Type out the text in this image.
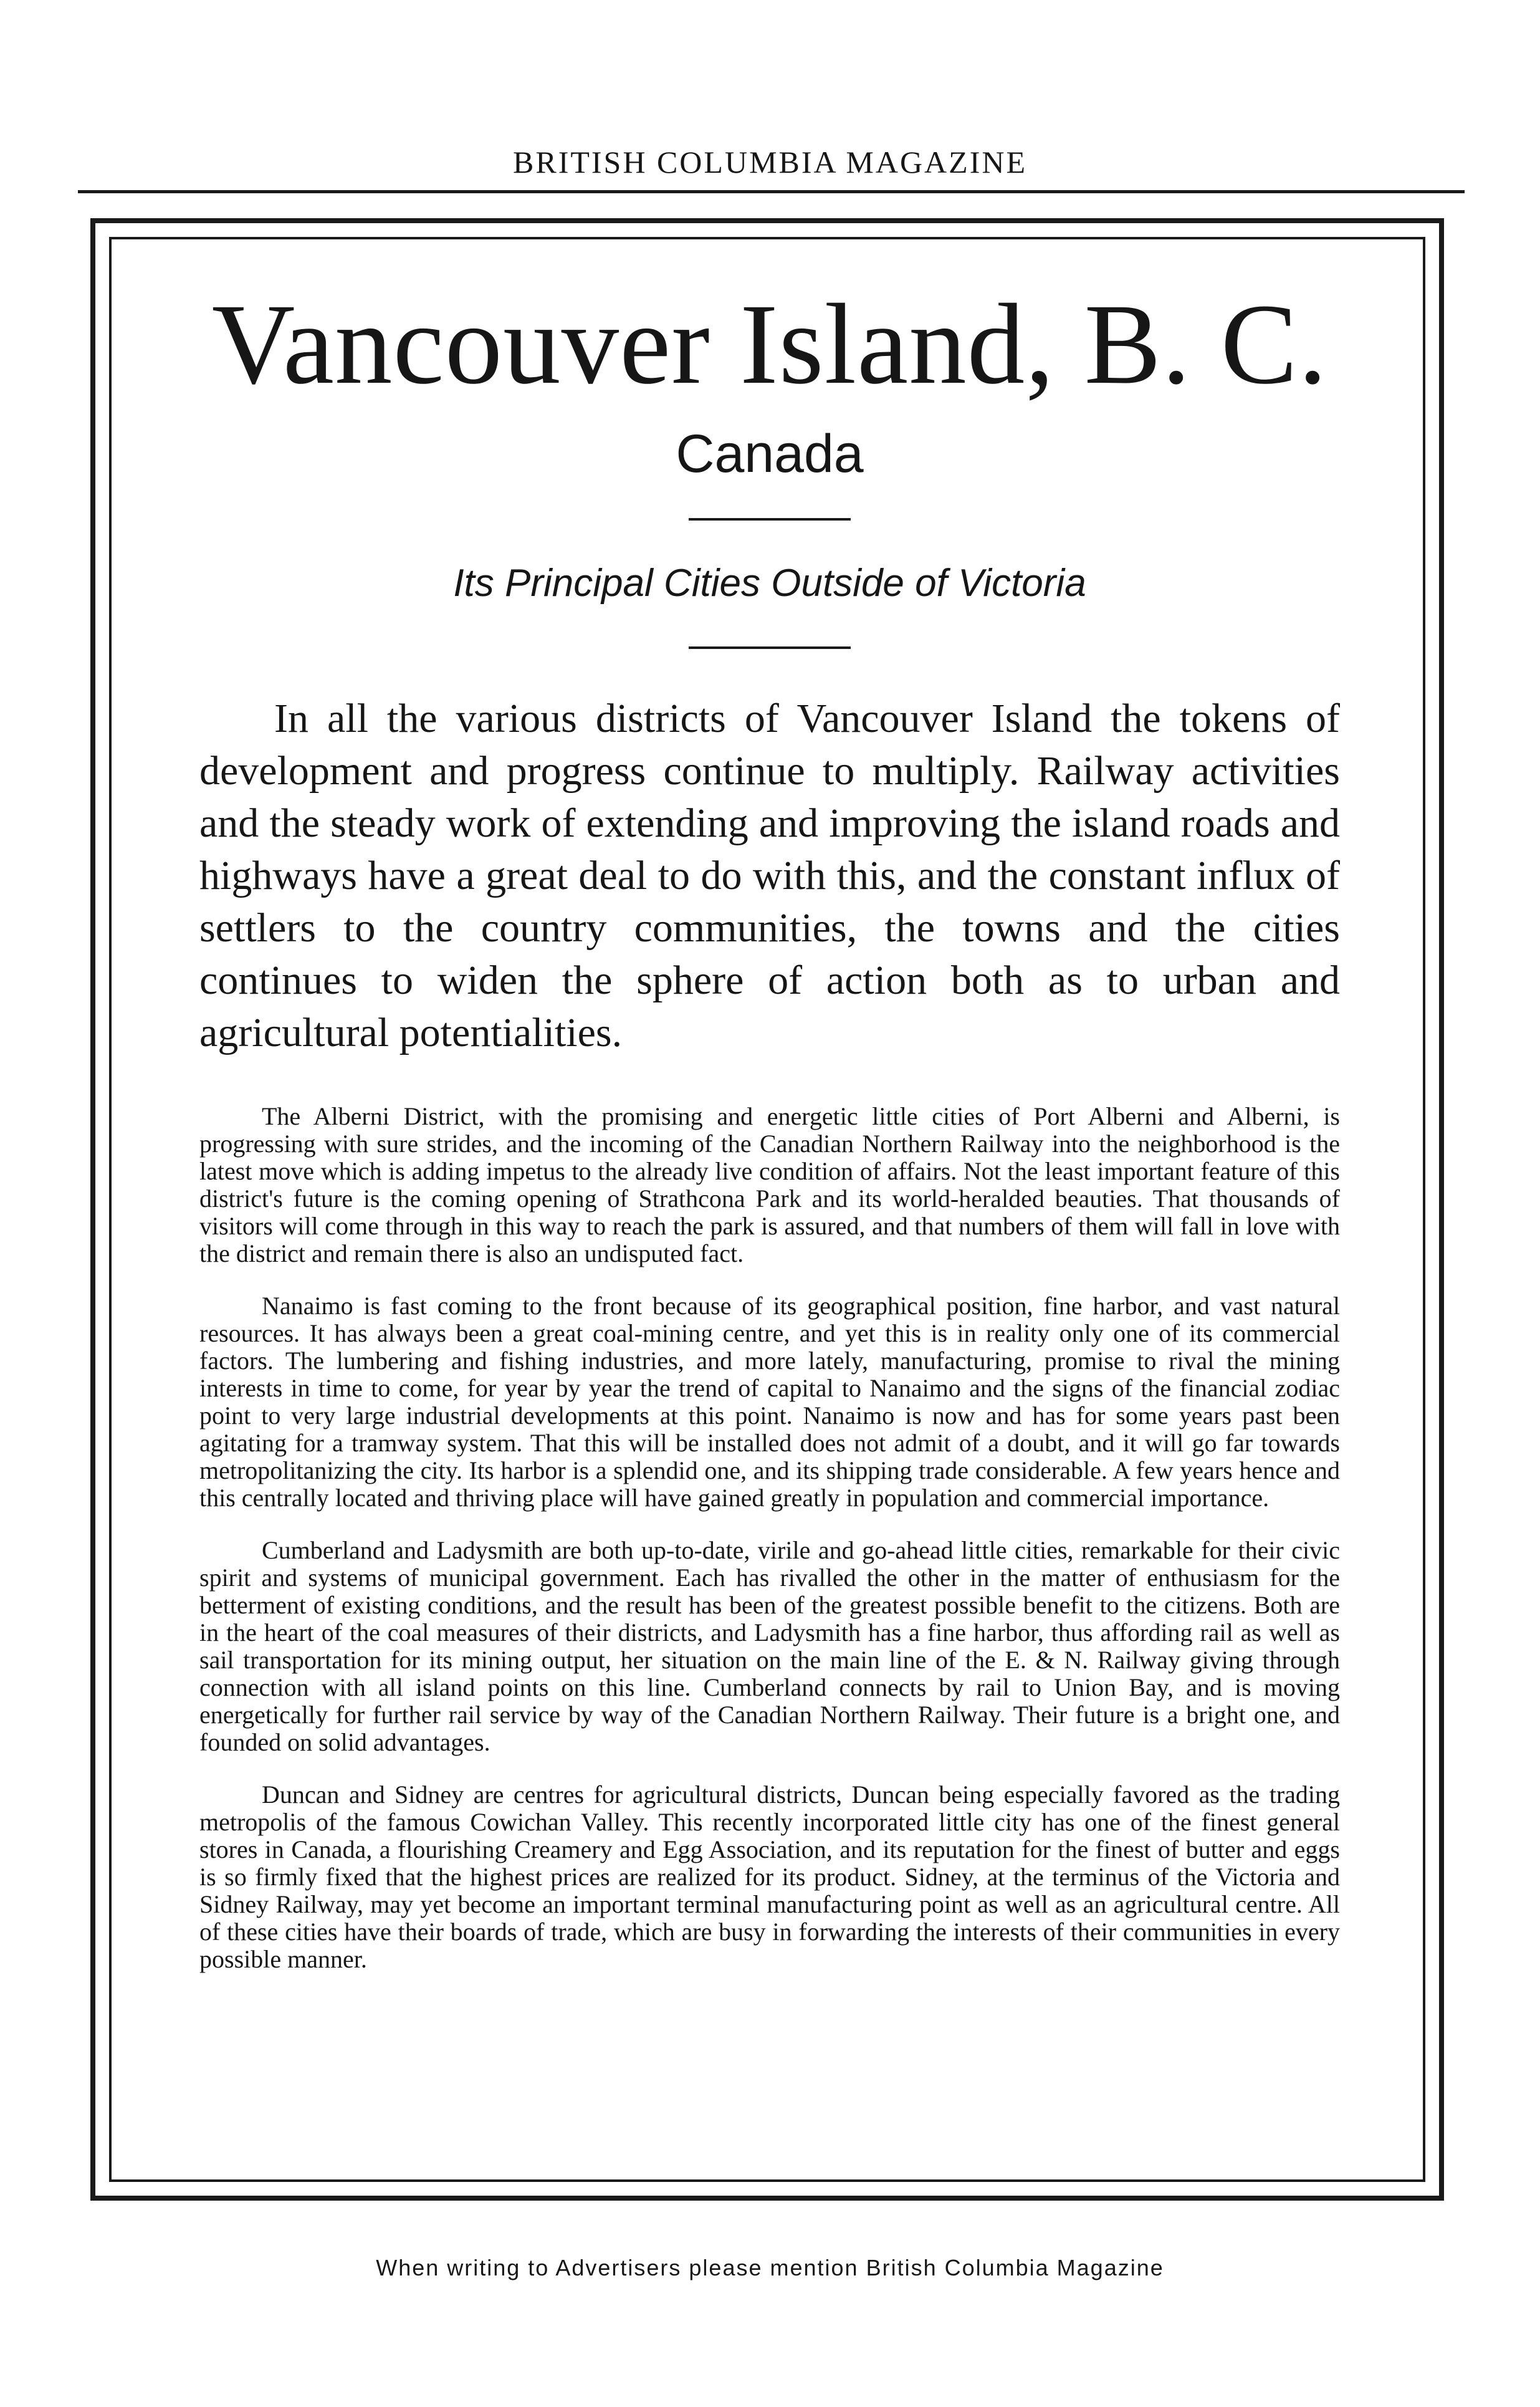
BRITISH COLUMBIA MAGAZINE
Vancouver Island, B. C.
Canada
Its Principal Cities Outside of Victoria

In all the various districts of Vancouver Island the tokens of development and progress continue to multiply. Railway activities and the steady work of extending and improving the island roads and highways have a great deal to do with this, and the constant influx of settlers to the country communities, the towns and the cities continues to widen the sphere of action both as to urban and agricultural potentialities.

The Alberni District, with the promising and energetic little cities of Port Alberni and Alberni, is progressing with sure strides, and the incoming of the Canadian Northern Railway into the neighborhood is the latest move which is adding impetus to the already live condition of affairs. Not the least important feature of this district's future is the coming opening of Strathcona Park and its world-heralded beauties. That thousands of visitors will come through in this way to reach the park is assured, and that numbers of them will fall in love with the district and remain there is also an undisputed fact.

Nanaimo is fast coming to the front because of its geographical position, fine harbor, and vast natural resources. It has always been a great coal-mining centre, and yet this is in reality only one of its commercial factors. The lumbering and fishing industries, and more lately, manufacturing, promise to rival the mining interests in time to come, for year by year the trend of capital to Nanaimo and the signs of the financial zodiac point to very large industrial developments at this point. Nanaimo is now and has for some years past been agitating for a tramway system. That this will be installed does not admit of a doubt, and it will go far towards metropolitanizing the city. Its harbor is a splendid one, and its shipping trade considerable. A few years hence and this centrally located and thriving place will have gained greatly in population and commercial importance.

Cumberland and Ladysmith are both up-to-date, virile and go-ahead little cities, remarkable for their civic spirit and systems of municipal government. Each has rivalled the other in the matter of enthusiasm for the betterment of existing conditions, and the result has been of the greatest possible benefit to the citizens. Both are in the heart of the coal measures of their districts, and Ladysmith has a fine harbor, thus affording rail as well as sail transportation for its mining output, her situation on the main line of the E. & N. Railway giving through connection with all island points on this line. Cumberland connects by rail to Union Bay, and is moving energetically for further rail service by way of the Canadian Northern Railway. Their future is a bright one, and founded on solid advantages.

Duncan and Sidney are centres for agricultural districts, Duncan being especially favored as the trading metropolis of the famous Cowichan Valley. This recently incorporated little city has one of the finest general stores in Canada, a flourishing Creamery and Egg Association, and its reputation for the finest of butter and eggs is so firmly fixed that the highest prices are realized for its product. Sidney, at the terminus of the Victoria and Sidney Railway, may yet become an important terminal manufacturing point as well as an agricultural centre. All of these cities have their boards of trade, which are busy in forwarding the interests of their communities in every possible manner.

When writing to Advertisers please mention British Columbia Magazine
